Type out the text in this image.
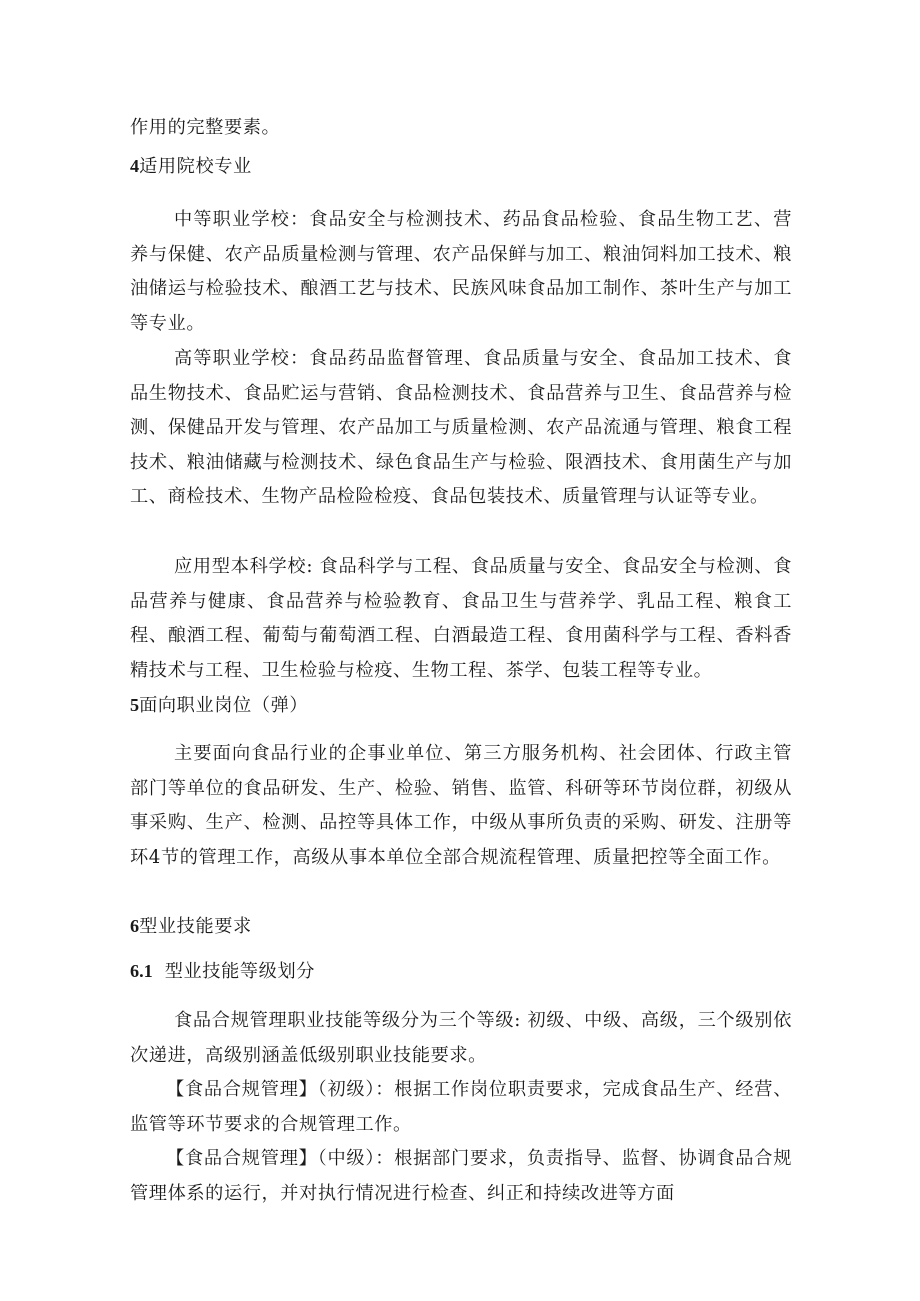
作用的完整要素。

4适用院校专业

中等职业学校：食品安全与检测技术、药品食品检验、食品生物工艺、营养与保健、农产品质量检测与管理、农产品保鲜与加工、粮油饲料加工技术、粮油储运与检验技术、酿酒工艺与技术、民族风味食品加工制作、茶叶生产与加工等专业。

高等职业学校：食品药品监督管理、食品质量与安全、食品加工技术、食品生物技术、食品贮运与营销、食品检测技术、食品营养与卫生、食品营养与检测、保健品开发与管理、农产品加工与质量检测、农产品流通与管理、粮食工程技术、粮油储藏与检测技术、绿色食品生产与检验、限酒技术、食用菌生产与加工、商检技术、生物产品检险检疫、食品包装技术、质量管理与认证等专业。

应用型本科学校: 食品科学与工程、食品质量与安全、食品安全与检测、食品营养与健康、食品营养与检验教育、食品卫生与营养学、乳品工程、粮食工程、酿酒工程、葡萄与葡萄酒工程、白酒最造工程、食用菌科学与工程、香料香精技术与工程、卫生检验与检疫、生物工程、茶学、包装工程等专业。

5面向职业岗位（弹）

主要面向食品行业的企事业单位、第三方服务机构、社会团体、行政主管部门等单位的食品研发、生产、检验、销售、监管、科研等环节岗位群，初级从事采购、生产、检测、品控等具体工作，中级从事所负责的采购、研发、注册等环4节的管理工作，高级从事本单位全部合规流程管理、质量把控等全面工作。

6型业技能要求

6.1 型业技能等级划分

食品合规管理职业技能等级分为三个等级: 初级、中级、高级，三个级别依次递进，高级别涵盖低级别职业技能要求。

【食品合规管理】（初级）：根据工作岗位职责要求，完成食品生产、经营、监管等环节要求的合规管理工作。

【食品合规管理】（中级）：根据部门要求，负责指导、监督、协调食品合规管理体系的运行，并对执行情况进行检查、纠正和持续改进等方面
